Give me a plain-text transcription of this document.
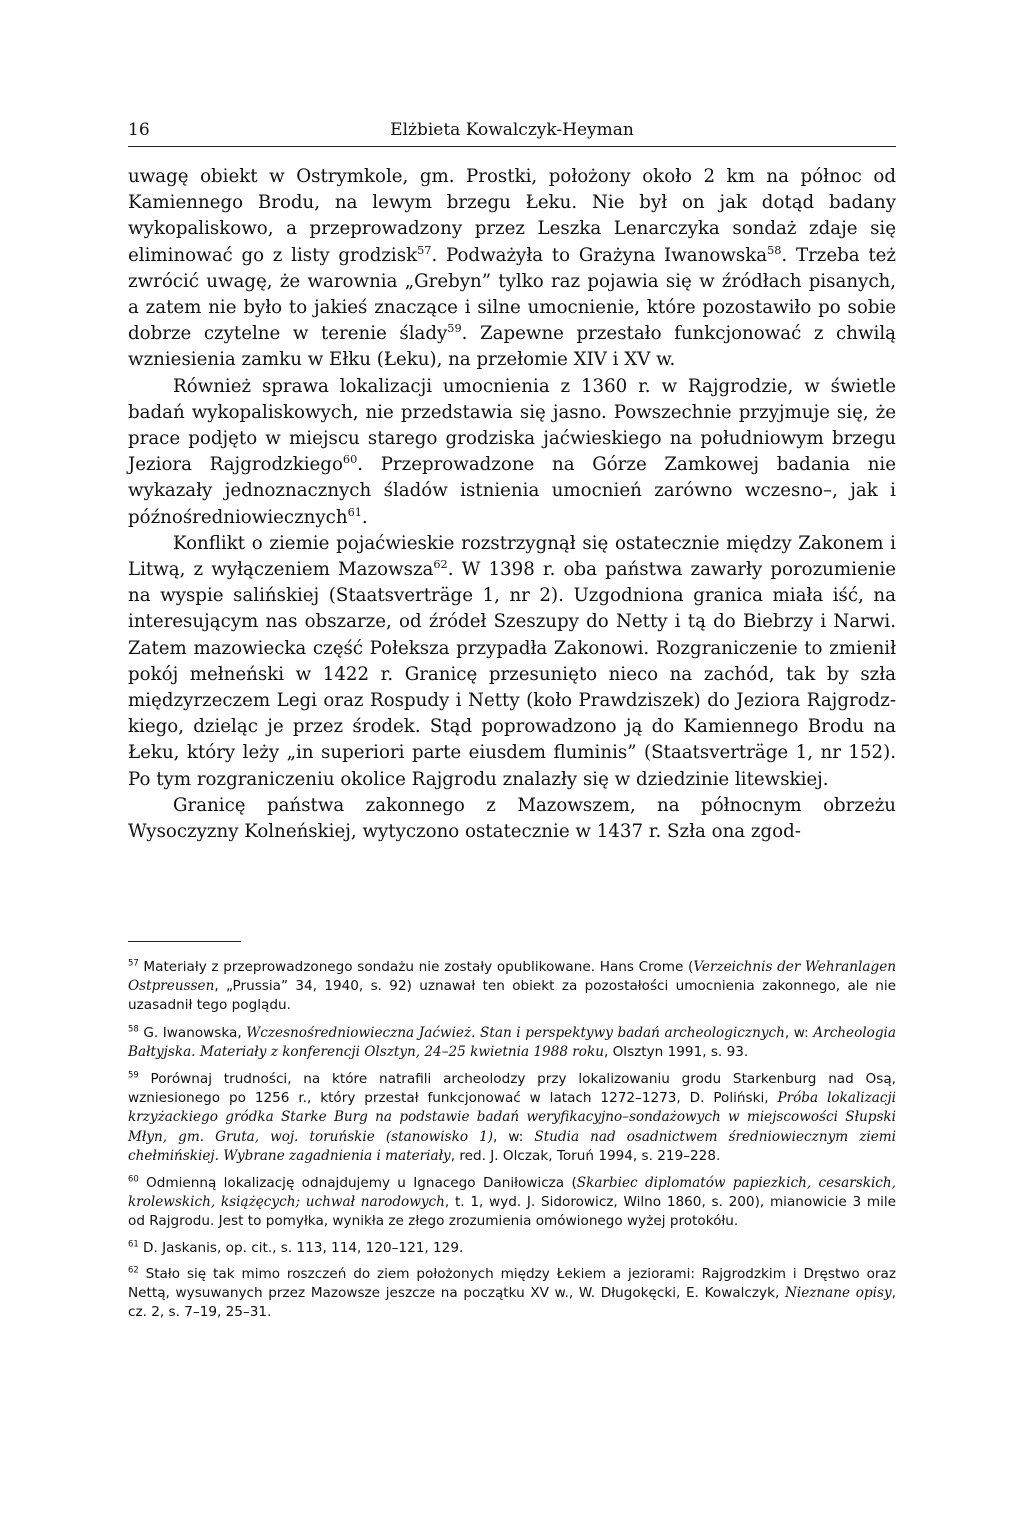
16	Elżbieta Kowalczyk-Heyman

uwagę obiekt w Ostrymkole, gm. Prostki, położony około 2 km na północ od Kamiennego Brodu, na lewym brzegu Łeku. Nie był on jak dotąd badany wykopaliskowo, a przeprowadzony przez Leszka Lenarczyka sondaż zdaje się eliminować go z listy grodzisk$^{57}$. Podważyła to Grażyna Iwanowska$^{58}$. Trzeba też zwrócić uwagę, że warownia „Grebyn” tylko raz pojawia się w źródłach pisanych, a zatem nie było to jakieś znaczące i silne umocnienie, które pozostawiło po sobie dobrze czytelne w terenie ślady$^{59}$. Zapewne przestało funkcjonować z chwilą wzniesienia zamku w Ełku (Łeku), na przełomie XIV i XV w.

Również sprawa lokalizacji umocnienia z 1360 r. w Rajgrodzie, w świetle badań wykopaliskowych, nie przedstawia się jasno. Powszechnie przyjmuje się, że prace podjęto w miejscu starego grodziska jaćwieskiego na południowym brzegu Jeziora Rajgrodzkiego$^{60}$. Przeprowadzone na Górze Zamkowej badania nie wykazały jednoznacznych śladów istnienia umocnień zarówno wczesno–, jak i późnośredniowiecznych$^{61}$.

Konflikt o ziemie pojaćwieskie rozstrzygnął się ostatecznie między Zakonem i Litwą, z wyłączeniem Mazowsza$^{62}$. W 1398 r. oba państwa zawarły porozumienie na wyspie salińskiej (Staatsverträge 1, nr 2). Uzgodniona granica miała iść, na interesującym nas obszarze, od źródeł Szeszupy do Netty i tą do Biebrzy i Narwi. Zatem mazowiecka część Połeksza przypadła Zakonowi. Rozgraniczenie to zmienił pokój mełneński w 1422 r. Granicę przesunięto nieco na zachód, tak by szła międzyrzeczem Legi oraz Rospudy i Netty (koło Prawdziszek) do Jeziora Rajgrodzkiego, dzieląc je przez środek. Stąd poprowadzono ją do Kamiennego Brodu na Łeku, który leży „in superiori parte eiusdem fluminis” (Staatsverträge 1, nr 152). Po tym rozgraniczeniu okolice Rajgrodu znalazły się w dziedzinie litewskiej.

Granicę państwa zakonnego z Mazowszem, na północnym obrzeżu Wysoczyzny Kolneńskiej, wytyczono ostatecznie w 1437 r. Szła ona zgod-

$^{57}$ Materiały z przeprowadzonego sondażu nie zostały opublikowane. Hans Crome (Verzeichnis der Wehranlagen Ostpreussen, „Prussia” 34, 1940, s. 92) uznawał ten obiekt za pozostałości umocnienia zakonnego, ale nie uzasadnił tego poglądu.

$^{58}$ G. Iwanowska, Wczesnośredniowieczna Jaćwież. Stan i perspektywy badań archeologicznych, w: Archeologia Bałtyjska. Materiały z konferencji Olsztyn, 24–25 kwietnia 1988 roku, Olsztyn 1991, s. 93.

$^{59}$ Porównaj trudności, na które natrafili archeolodzy przy lokalizowaniu grodu Starkenburg nad Osą, wzniesionego po 1256 r., który przestał funkcjonować w latach 1272–1273, D. Poliński, Próba lokalizacji krzyżackiego gródka Starke Burg na podstawie badań weryfikacyjno–sondażowych w miejscowości Słupski Młyn, gm. Gruta, woj. toruńskie (stanowisko 1), w: Studia nad osadnictwem średniowiecznym ziemi chełmińskiej. Wybrane zagadnienia i materiały, red. J. Olczak, Toruń 1994, s. 219–228.

$^{60}$ Odmienną lokalizację odnajdujemy u Ignacego Daniłowicza (Skarbiec diplomatów papiezkich, cesarskich, krolewskich, książęcych; uchwał narodowych, t. 1, wyd. J. Sidorowicz, Wilno 1860, s. 200), mianowicie 3 mile od Rajgrodu. Jest to pomyłka, wynikła ze złego zrozumienia omówionego wyżej protokółu.

$^{61}$ D. Jaskanis, op. cit., s. 113, 114, 120–121, 129.

$^{62}$ Stało się tak mimo roszczeń do ziem położonych między Łekiem a jeziorami: Rajgrodzkim i Dręstwo oraz Nettą, wysuwanych przez Mazowsze jeszcze na początku XV w., W. Długokęcki, E. Kowalczyk, Nieznane opisy, cz. 2, s. 7–19, 25–31.
